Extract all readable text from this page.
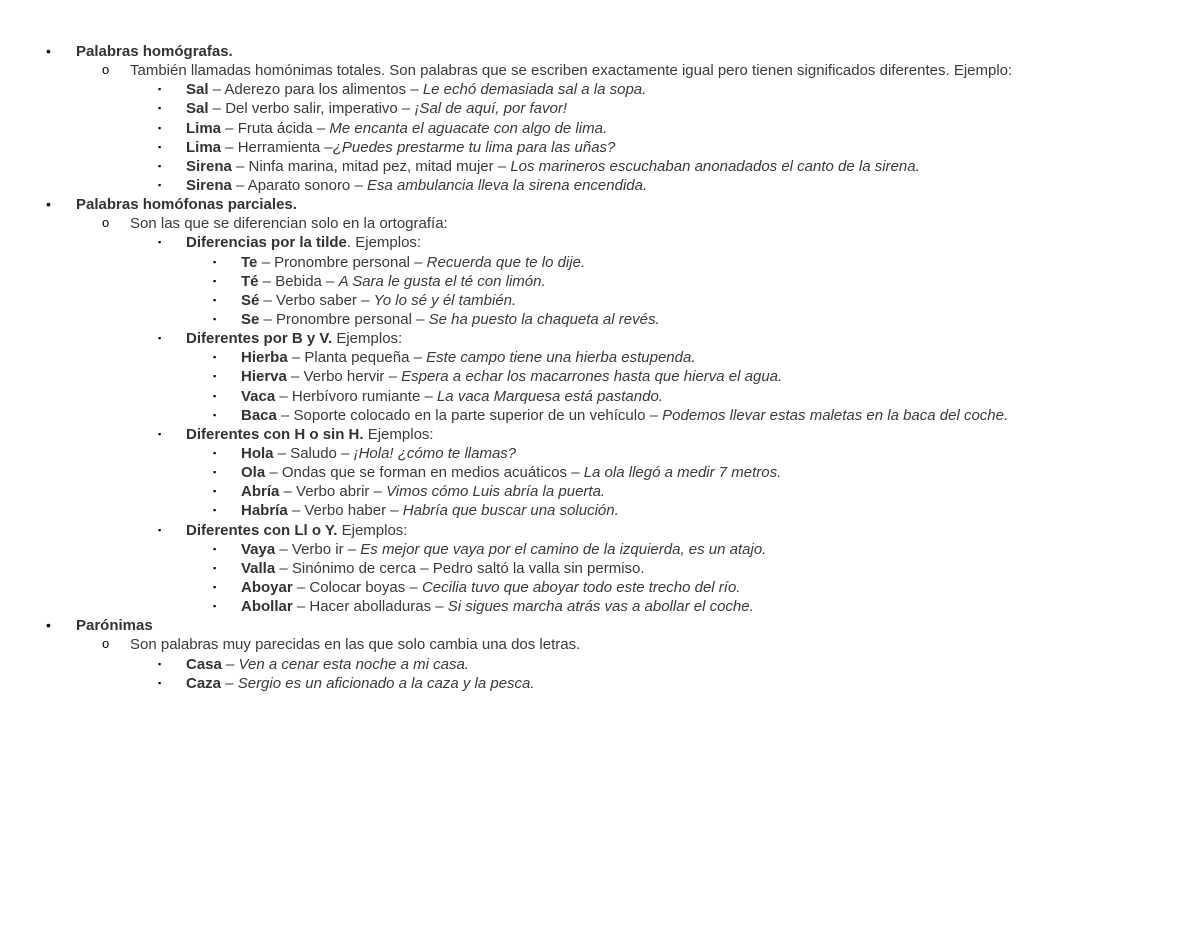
•	Palabras homógrafas.
o	También llamadas homónimas totales. Son palabras que se escriben exactamente igual pero tienen significados diferentes. Ejemplo:
▪	Sal – Aderezo para los alimentos – Le echó demasiada sal a la sopa.
▪	Sal – Del verbo salir, imperativo – ¡Sal de aquí, por favor!
▪	Lima – Fruta ácida – Me encanta el aguacate con algo de lima.
▪	Lima – Herramienta –¿Puedes prestarme tu lima para las uñas?
▪	Sirena – Ninfa marina, mitad pez, mitad mujer – Los marineros escuchaban anonadados el canto de la sirena.
▪	Sirena – Aparato sonoro – Esa ambulancia lleva la sirena encendida.
•	Palabras homófonas parciales.
o	Son las que se diferencian solo en la ortografía:
▪	Diferencias por la tilde. Ejemplos:
▪	Te – Pronombre personal – Recuerda que te lo dije.
▪	Té – Bebida – A Sara le gusta el té con limón.
▪	Sé – Verbo saber – Yo lo sé y él también.
▪	Se – Pronombre personal – Se ha puesto la chaqueta al revés.
▪	Diferentes por B y V. Ejemplos:
▪	Hierba – Planta pequeña – Este campo tiene una hierba estupenda.
▪	Hierva – Verbo hervir – Espera a echar los macarrones hasta que hierva el agua.
▪	Vaca – Herbívoro rumiante – La vaca Marquesa está pastando.
▪	Baca – Soporte colocado en la parte superior de un vehículo – Podemos llevar estas maletas en la baca del coche.
▪	Diferentes con H o sin H. Ejemplos:
▪	Hola – Saludo – ¡Hola! ¿cómo te llamas?
▪	Ola – Ondas que se forman en medios acuáticos – La ola llegó a medir 7 metros.
▪	Abría – Verbo abrir – Vimos cómo Luis abría la puerta.
▪	Habría – Verbo haber – Habría que buscar una solución.
▪	Diferentes con Ll o Y. Ejemplos:
▪	Vaya – Verbo ir – Es mejor que vaya por el camino de la izquierda, es un atajo.
▪	Valla – Sinónimo de cerca – Pedro saltó la valla sin permiso.
▪	Aboyar – Colocar boyas – Cecilia tuvo que aboyar todo este trecho del río.
▪	Abollar – Hacer abolladuras – Si sigues marcha atrás vas a abollar el coche.
•	Parónimas
o	Son palabras muy parecidas en las que solo cambia una dos letras.
▪	Casa – Ven a cenar esta noche a mi casa.
▪	Caza – Sergio es un aficionado a la caza y la pesca.
